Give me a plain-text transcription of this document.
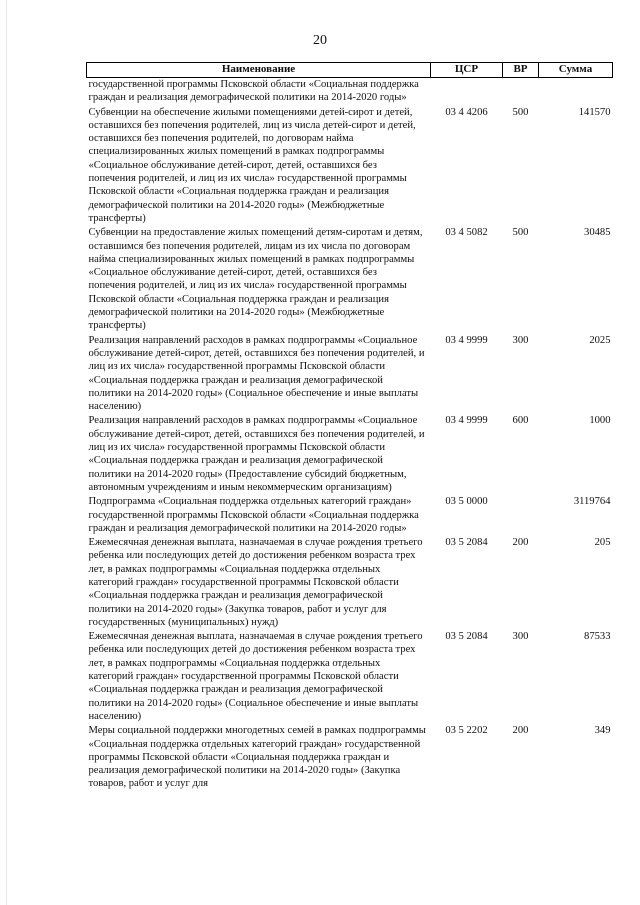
20
Наименование	ЦСР	ВР	Сумма
государственной программы Псковской области «Социальная поддержка граждан и реализация демографической политики на 2014-2020 годы»			
Субвенции на обеспечение жилыми помещениями детей-сирот и детей, оставшихся без попечения родителей, лиц из числа детей-сирот и детей, оставшихся без попечения родителей, по договорам найма специализированных жилых помещений в рамках подпрограммы «Социальное обслуживание детей-сирот, детей, оставшихся без попечения родителей, и лиц из их числа» государственной программы Псковской области «Социальная поддержка граждан и реализация демографической политики на 2014-2020 годы» (Межбюджетные трансферты)	03 4 4206	500	141570
Субвенции на предоставление жилых помещений детям-сиротам и детям, оставшимся без попечения родителей, лицам из их числа по договорам найма специализированных жилых помещений в рамках подпрограммы «Социальное обслуживание детей-сирот, детей, оставшихся без попечения родителей, и лиц из их числа» государственной программы Псковской области «Социальная поддержка граждан и реализация демографической политики на 2014-2020 годы» (Межбюджетные трансферты)	03 4 5082	500	30485
Реализация направлений расходов в рамках подпрограммы «Социальное обслуживание детей-сирот, детей, оставшихся без попечения родителей, и лиц из их числа» государственной программы Псковской области «Социальная поддержка граждан и реализация демографической политики на 2014-2020 годы» (Социальное обеспечение и иные выплаты населению)	03 4 9999	300	2025
Реализация направлений расходов в рамках подпрограммы «Социальное обслуживание детей-сирот, детей, оставшихся без попечения родителей, и лиц из их числа» государственной программы Псковской области «Социальная поддержка граждан и реализация демографической политики на 2014-2020 годы» (Предоставление субсидий бюджетным, автономным учреждениям и иным некоммерческим организациям)	03 4 9999	600	1000
Подпрограмма «Социальная поддержка отдельных категорий граждан» государственной программы Псковской области «Социальная поддержка граждан и реализация демографической политики на 2014-2020 годы»	03 5 0000		3119764
Ежемесячная денежная выплата, назначаемая в случае рождения третьего ребенка или последующих детей до достижения ребенком возраста трех лет, в рамках подпрограммы «Социальная поддержка отдельных категорий граждан» государственной программы Псковской области «Социальная поддержка граждан и реализация демографической политики на 2014-2020 годы» (Закупка товаров, работ и услуг для государственных (муниципальных) нужд)	03 5 2084	200	205
Ежемесячная денежная выплата, назначаемая в случае рождения третьего ребенка или последующих детей до достижения ребенком возраста трех лет, в рамках подпрограммы «Социальная поддержка отдельных категорий граждан» государственной программы Псковской области «Социальная поддержка граждан и реализация демографической политики на 2014-2020 годы» (Социальное обеспечение и иные выплаты населению)	03 5 2084	300	87533
Меры социальной поддержки многодетных семей в рамках подпрограммы «Социальная поддержка отдельных категорий граждан» государственной программы Псковской области «Социальная поддержка граждан и реализация демографической политики на 2014-2020 годы» (Закупка товаров, работ и услуг для	03 5 2202	200	349
